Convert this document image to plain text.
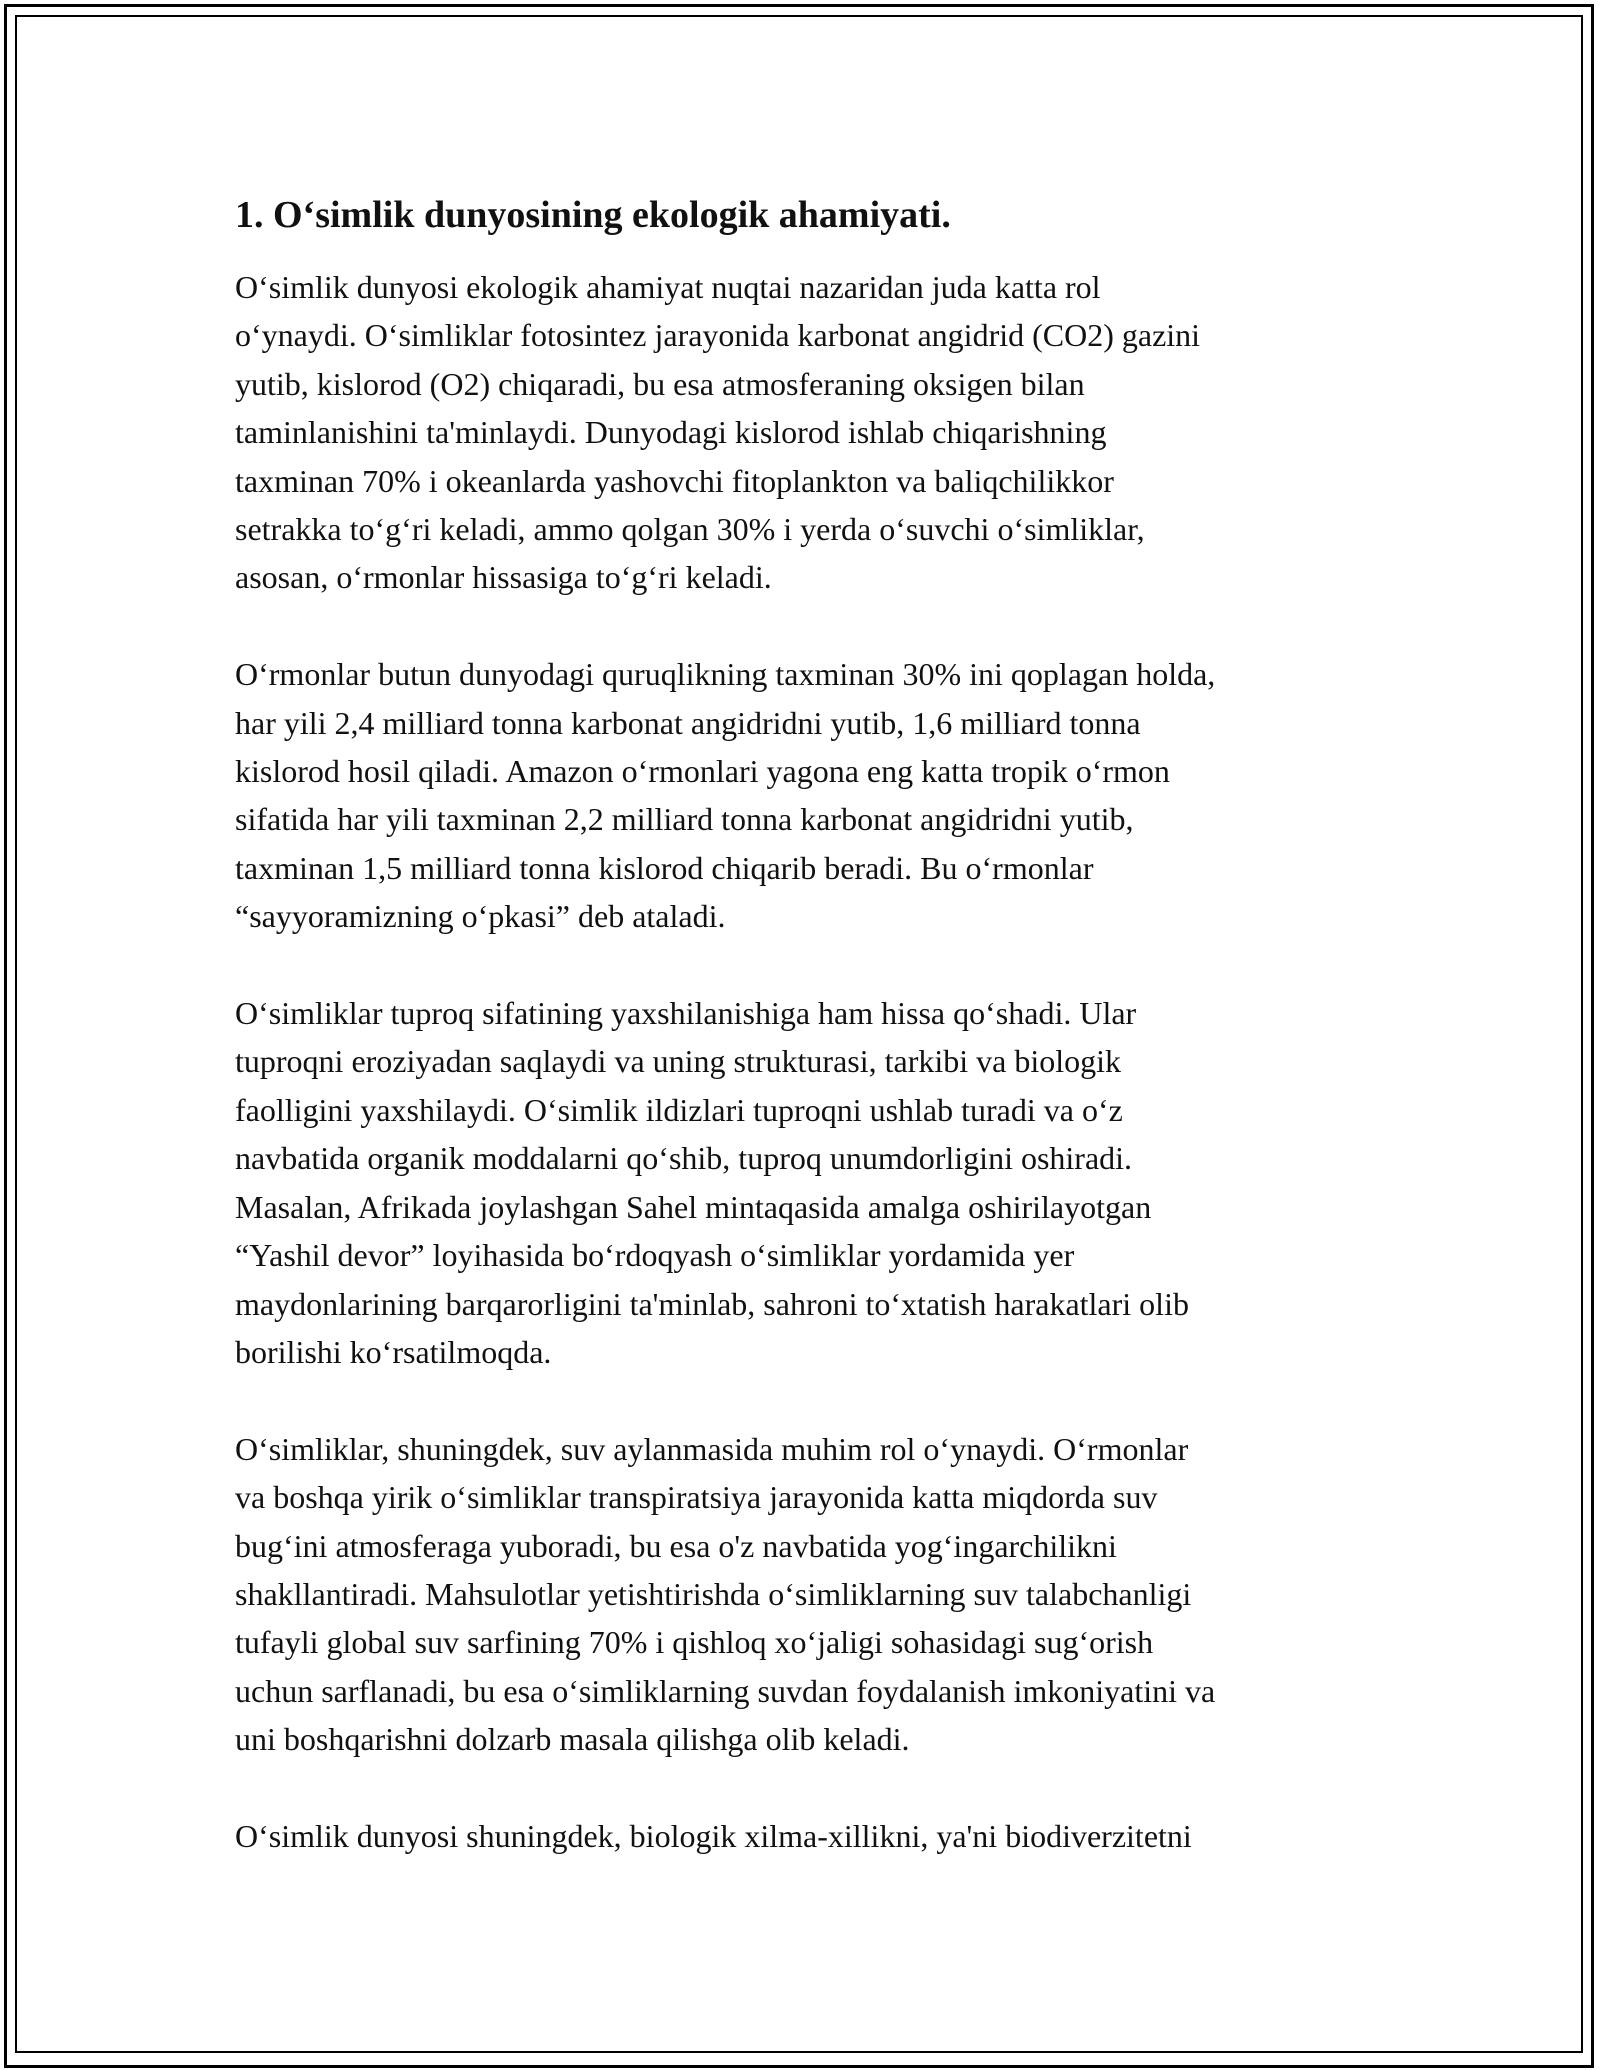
1. O‘simlik dunyosining ekologik ahamiyati.
O‘simlik dunyosi ekologik ahamiyat nuqtai nazaridan juda katta rol
o‘ynaydi. O‘simliklar fotosintez jarayonida karbonat angidrid (CO2) gazini
yutib, kislorod (O2) chiqaradi, bu esa atmosferaning oksigen bilan
taminlanishini ta'minlaydi. Dunyodagi kislorod ishlab chiqarishning
taxminan 70% i okeanlarda yashovchi fitoplankton va baliqchilikkor
setrakka to‘g‘ri keladi, ammo qolgan 30% i yerda o‘suvchi o‘simliklar,
asosan, o‘rmonlar hissasiga to‘g‘ri keladi.
O‘rmonlar butun dunyodagi quruqlikning taxminan 30% ini qoplagan holda,
har yili 2,4 milliard tonna karbonat angidridni yutib, 1,6 milliard tonna
kislorod hosil qiladi. Amazon o‘rmonlari yagona eng katta tropik o‘rmon
sifatida har yili taxminan 2,2 milliard tonna karbonat angidridni yutib,
taxminan 1,5 milliard tonna kislorod chiqarib beradi. Bu o‘rmonlar
“sayyoramizning o‘pkasi” deb ataladi.
O‘simliklar tuproq sifatining yaxshilanishiga ham hissa qo‘shadi. Ular
tuproqni eroziyadan saqlaydi va uning strukturasi, tarkibi va biologik
faolligini yaxshilaydi. O‘simlik ildizlari tuproqni ushlab turadi va o‘z
navbatida organik moddalarni qo‘shib, tuproq unumdorligini oshiradi.
Masalan, Afrikada joylashgan Sahel mintaqasida amalga oshirilayotgan
“Yashil devor” loyihasida bo‘rdoqyash o‘simliklar yordamida yer
maydonlarining barqarorligini ta'minlab, sahroni to‘xtatish harakatlari olib
borilishi ko‘rsatilmoqda.
O‘simliklar, shuningdek, suv aylanmasida muhim rol o‘ynaydi. O‘rmonlar
va boshqa yirik o‘simliklar transpiratsiya jarayonida katta miqdorda suv
bug‘ini atmosferaga yuboradi, bu esa o'z navbatida yog‘ingarchilikni
shakllantiradi. Mahsulotlar yetishtirishda o‘simliklarning suv talabchanligi
tufayli global suv sarfining 70% i qishloq xo‘jaligi sohasidagi sug‘orish
uchun sarflanadi, bu esa o‘simliklarning suvdan foydalanish imkoniyatini va
uni boshqarishni dolzarb masala qilishga olib keladi.
O‘simlik dunyosi shuningdek, biologik xilma-xillikni, ya'ni biodiverzitetni
